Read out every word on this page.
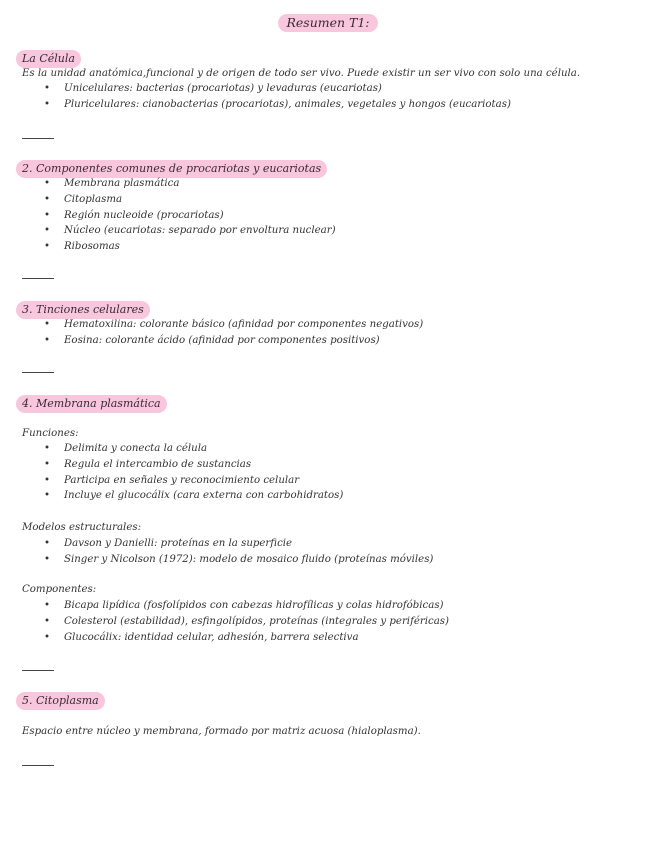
Resumen T1:
La Célula
Es la unidad anatómica,funcional y de origen de todo ser vivo. Puede existir un ser vivo con solo una célula.
• Unicelulares: bacterias (procariotas) y levaduras (eucariotas)
• Pluricelulares: cianobacterias (procariotas), animales, vegetales y hongos (eucariotas)
2. Componentes comunes de procariotas y eucariotas
• Membrana plasmática
• Citoplasma
• Región nucleoide (procariotas)
• Núcleo (eucariotas: separado por envoltura nuclear)
• Ribosomas
3. Tinciones celulares
• Hematoxilina: colorante básico (afinidad por componentes negativos)
• Eosina: colorante ácido (afinidad por componentes positivos)
4. Membrana plasmática
Funciones:
• Delimita y conecta la célula
• Regula el intercambio de sustancias
• Participa en señales y reconocimiento celular
• Incluye el glucocálix (cara externa con carbohidratos)
Modelos estructurales:
• Davson y Danielli: proteínas en la superficie
• Singer y Nicolson (1972): modelo de mosaico fluido (proteínas móviles)
Componentes:
• Bicapa lipídica (fosfolípidos con cabezas hidrofílicas y colas hidrofóbicas)
• Colesterol (estabilidad), esfingolípidos, proteínas (integrales y periféricas)
• Glucocálix: identidad celular, adhesión, barrera selectiva
5. Citoplasma
Espacio entre núcleo y membrana, formado por matriz acuosa (hialoplasma).
